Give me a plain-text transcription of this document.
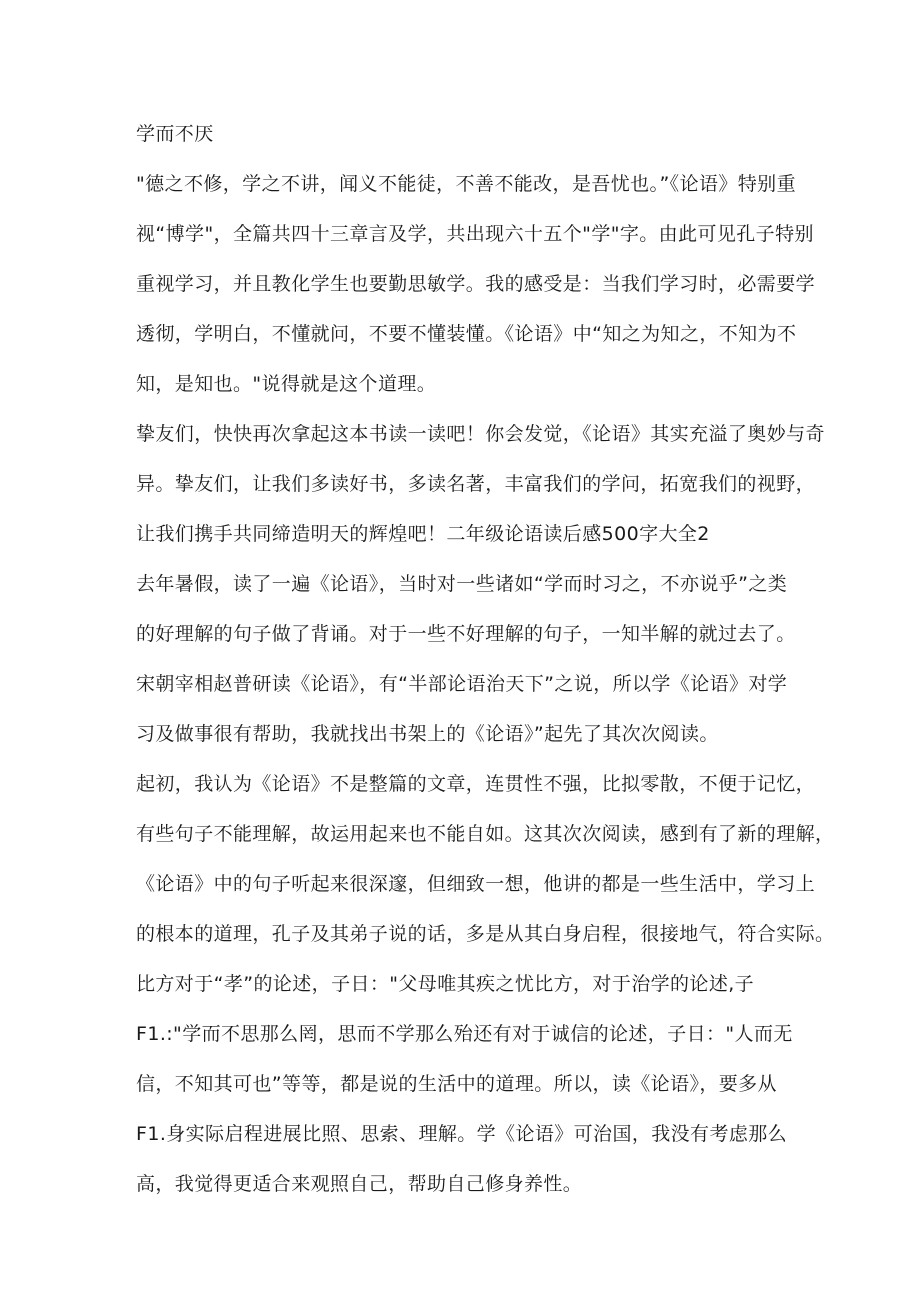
学而不厌
"德之不修，学之不讲，闻义不能徒，不善不能改，是吾忧也。”《论语》特别重
视“博学"，全篇共四十三章言及学，共出现六十五个"学"字。由此可见孔子特别
重视学习，并且教化学生也要勤思敏学。我的感受是：当我们学习时，必需要学
透彻，学明白，不懂就问，不要不懂装懂。《论语》中“知之为知之，不知为不
知，是知也。"说得就是这个道理。
挚友们，快快再次拿起这本书读一读吧！你会发觉，《论语》其实充溢了奥妙与奇
异。挚友们，让我们多读好书，多读名著，丰富我们的学问，拓宽我们的视野，
让我们携手共同缔造明天的辉煌吧！二年级论语读后感500字大全2
去年暑假，读了一遍《论语》，当时对一些诸如“学而时习之，不亦说乎”之类
的好理解的句子做了背诵。对于一些不好理解的句子，一知半解的就过去了。
宋朝宰相赵普研读《论语》，有“半部论语治天下”之说，所以学《论语》对学
习及做事很有帮助，我就找出书架上的《论语》”起先了其次次阅读。
起初，我认为《论语》不是整篇的文章，连贯性不强，比拟零散，不便于记忆，
有些句子不能理解，故运用起来也不能自如。这其次次阅读，感到有了新的理解，
《论语》中的句子听起来很深邃，但细致一想，他讲的都是一些生活中，学习上
的根本的道理，孔子及其弟子说的话，多是从其白身启程，很接地气，符合实际。
比方对于“孝”的论述，子日："父母唯其疾之忧比方，对于治学的论述,子
F1.:"学而不思那么罔，思而不学那么殆还有对于诚信的论述，子日："人而无
信，不知其可也”等等，都是说的生活中的道理。所以，读《论语》，要多从
F1.身实际启程进展比照、思索、理解。学《论语》可治国，我没有考虑那么
高，我觉得更适合来观照自己，帮助自己修身养性。
